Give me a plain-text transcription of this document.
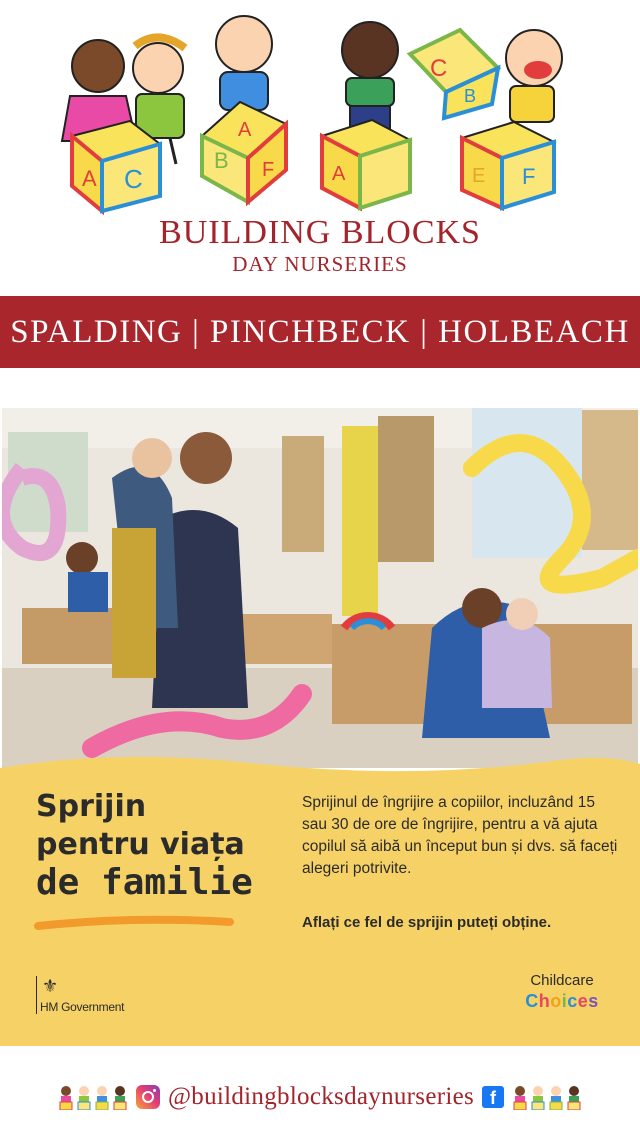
A C
B
A
F	A
C
B
E F
BUILDING BLOCKS
DAY NURSERIES
SPALDING | PINCHBECK | HOLBEACH
Sprijin
pentru viața
de familie
Sprijinul de îngrijire a copiilor, incluzând 15 sau 30 de ore de îngrijire, pentru a vă ajuta copilul să aibă un început bun și dvs. să faceți alegeri potrivite.
Aflați ce fel de sprijin puteți obține.
⚜
HM Government
Childcare
Choices
@buildingblocksdaynurseries f
